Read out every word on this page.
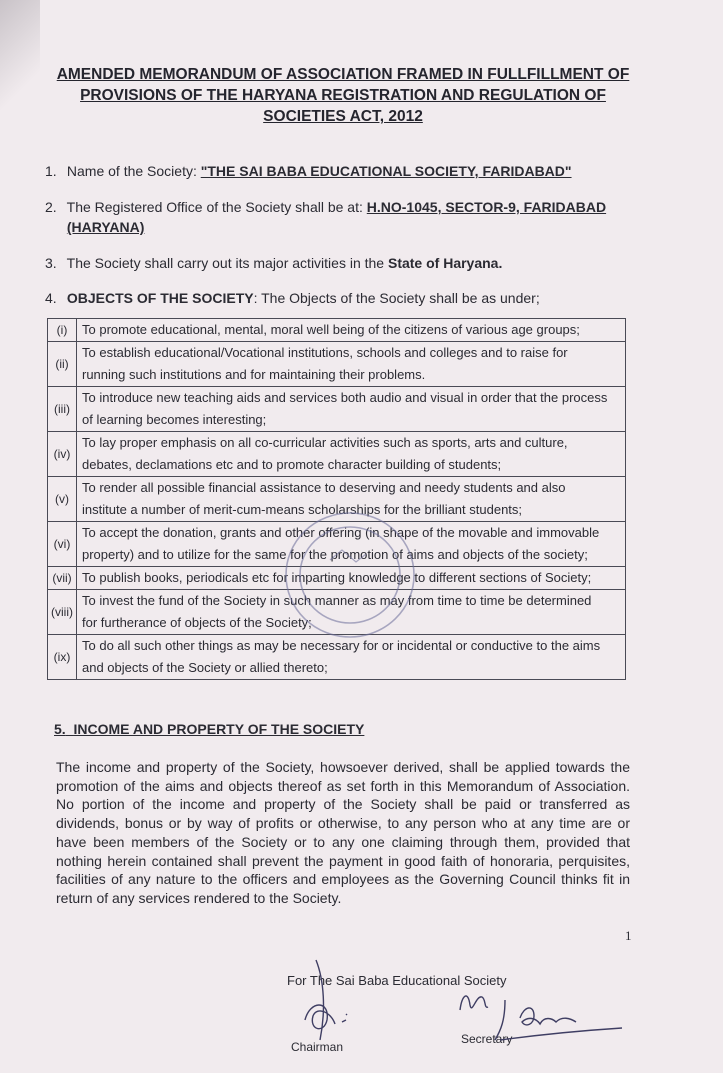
AMENDED MEMORANDUM OF ASSOCIATION FRAMED IN FULLFILLMENT OF
PROVISIONS OF THE HARYANA REGISTRATION AND REGULATION OF
SOCIETIES ACT, 2012
1. Name of the Society: "THE SAI BABA EDUCATIONAL SOCIETY, FARIDABAD"
2. The Registered Office of the Society shall be at: H.NO-1045, SECTOR-9, FARIDABAD
(HARYANA)
3. The Society shall carry out its major activities in the State of Haryana.
4. OBJECTS OF THE SOCIETY: The Objects of the Society shall be as under;
(i)	To promote educational, mental, moral well being of the citizens of various age groups;
(ii)	To establish educational/Vocational institutions, schools and colleges and to raise for
	running such institutions and for maintaining their problems.
(iii)	To introduce new teaching aids and services both audio and visual in order that the process
	of learning becomes interesting;
(iv)	To lay proper emphasis on all co-curricular activities such as sports, arts and culture,
	debates, declamations etc and to promote character building of students;
(v)	To render all possible financial assistance to deserving and needy students and also
	institute a number of merit-cum-means scholarships for the brilliant students;
(vi)	To accept the donation, grants and other offering (in shape of the movable and immovable
	property) and to utilize for the same for the promotion of aims and objects of the society;
(vii)	To publish books, periodicals etc for imparting knowledge to different sections of Society;
(viii)	To invest the fund of the Society in such manner as may from time to time be determined
	for furtherance of objects of the Society;
(ix)	To do all such other things as may be necessary for or incidental or conductive to the aims
	and objects of the Society or allied thereto;
5. INCOME AND PROPERTY OF THE SOCIETY
The income and property of the Society, howsoever derived, shall be applied towards the promotion of the aims and objects thereof as set forth in this Memorandum of Association. No portion of the income and property of the Society shall be paid or transferred as dividends, bonus or by way of profits or otherwise, to any person who at any time are or have been members of the Society or to any one claiming through them, provided that nothing herein contained shall prevent the payment in good faith of honoraria, perquisites, facilities of any nature to the officers and employees as the Governing Council thinks fit in return of any services rendered to the Society.
1
For The Sai Baba Educational Society
Chairman
Secretary
